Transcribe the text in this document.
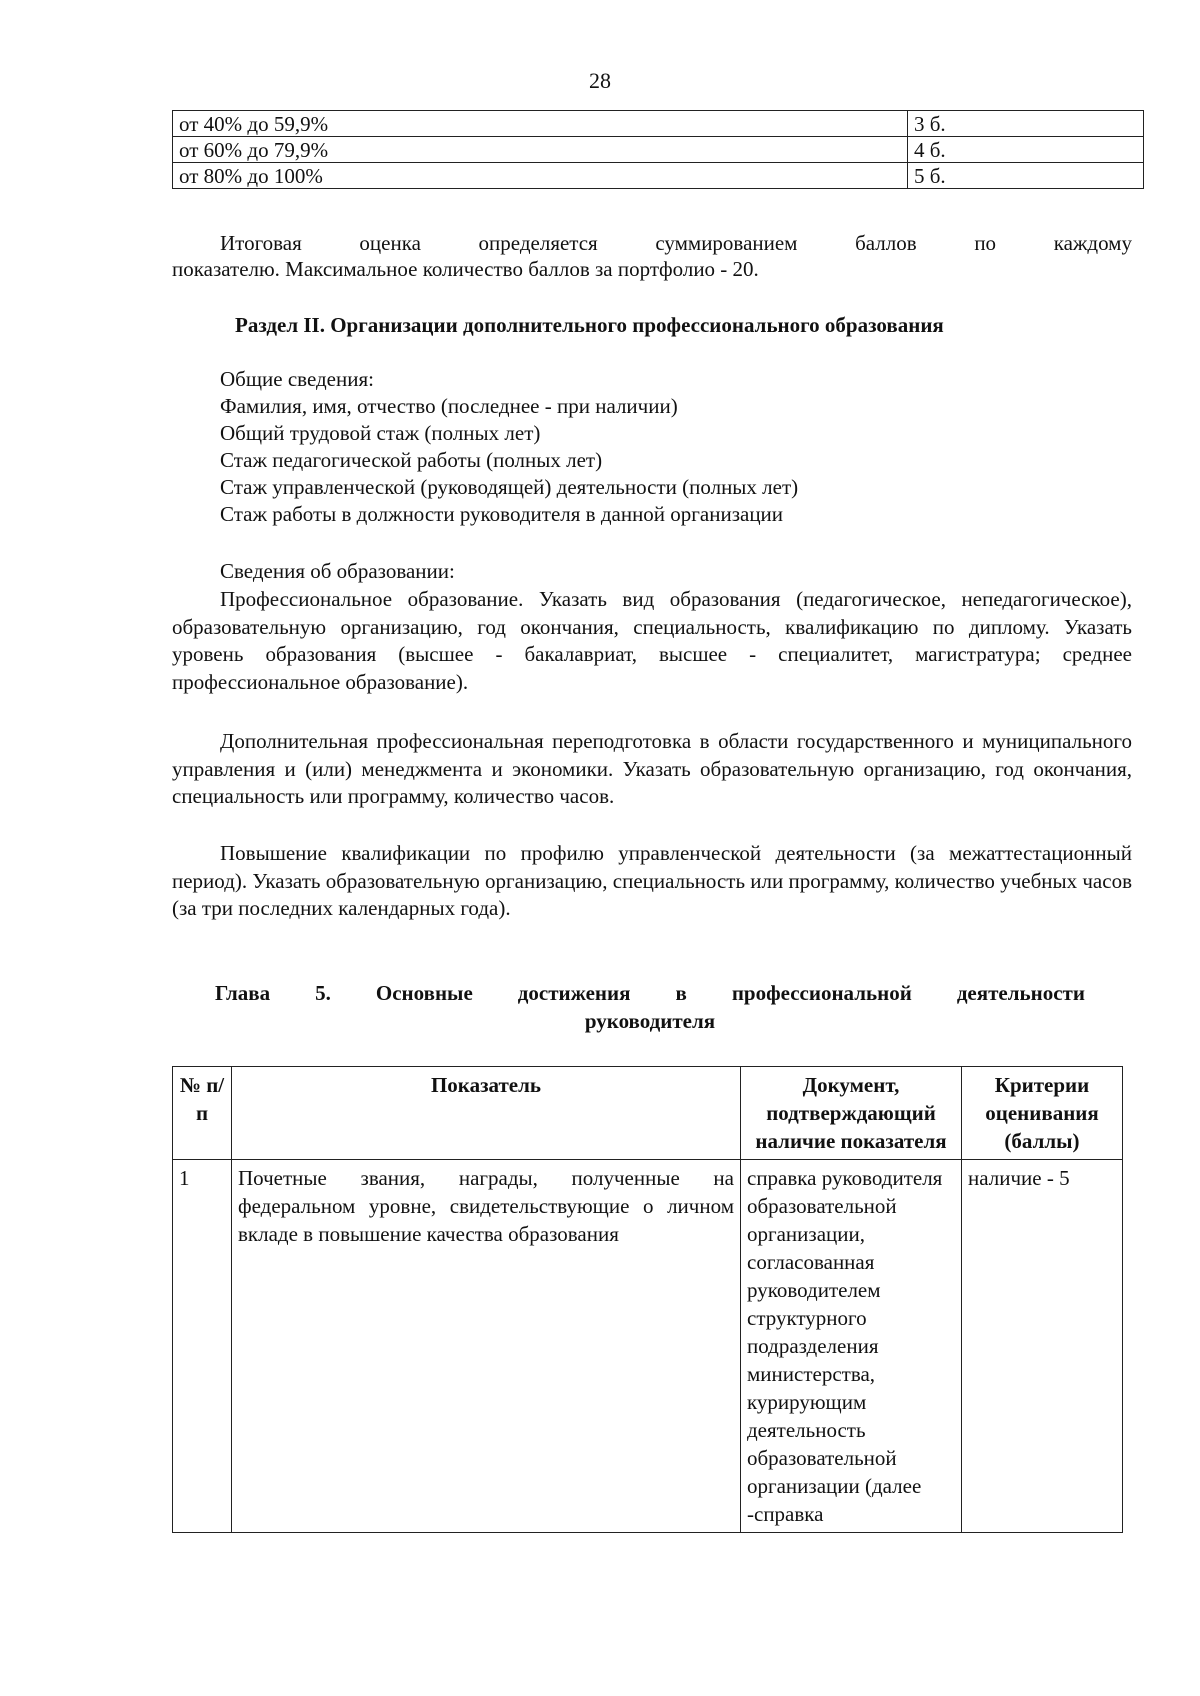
28
от 40% до 59,9%	3 б.
от 60% до 79,9%	4 б.
от 80% до 100%	5 б.
Итоговая	оценка	определяется	суммированием	баллов	по	каждому
показателю. Максимальное количество баллов за портфолио - 20.
Раздел II. Организации дополнительного профессионального образования
Общие сведения:
Фамилия, имя, отчество (последнее - при наличии)
Общий трудовой стаж (полных лет)
Стаж педагогической работы (полных лет)
Стаж управленческой (руководящей) деятельности (полных лет)
Стаж работы в должности руководителя в данной организации
Сведения об образовании:
Профессиональное образование. Указать вид образования (педагогическое, непедагогическое), образовательную организацию, год окончания, специальность, квалификацию по диплому. Указать уровень образования (высшее - бакалавриат, высшее - специалитет, магистратура; среднее профессиональное образование).
Дополнительная профессиональная переподготовка в области государственного и муниципального управления и (или) менеджмента и экономики. Указать образовательную организацию, год окончания, специальность или программу, количество часов.
Повышение квалификации по профилю управленческой деятельности (за межаттестационный период). Указать образовательную организацию, специальность или программу, количество учебных часов (за три последних календарных года).
Глава 5. Основные достижения в профессиональной деятельности
руководителя
№ п/п	Показатель	Документ, подтверждающий наличие показателя	Критерии оценивания (баллы)
1	Почетные звания, награды, полученные на федеральном уровне, свидетельствующие о личном вкладе в повышение качества образования	справка руководителя образовательной организации, согласованная руководителем структурного подразделения министерства, курирующим деятельность образовательной организации (далее -справка	наличие - 5
